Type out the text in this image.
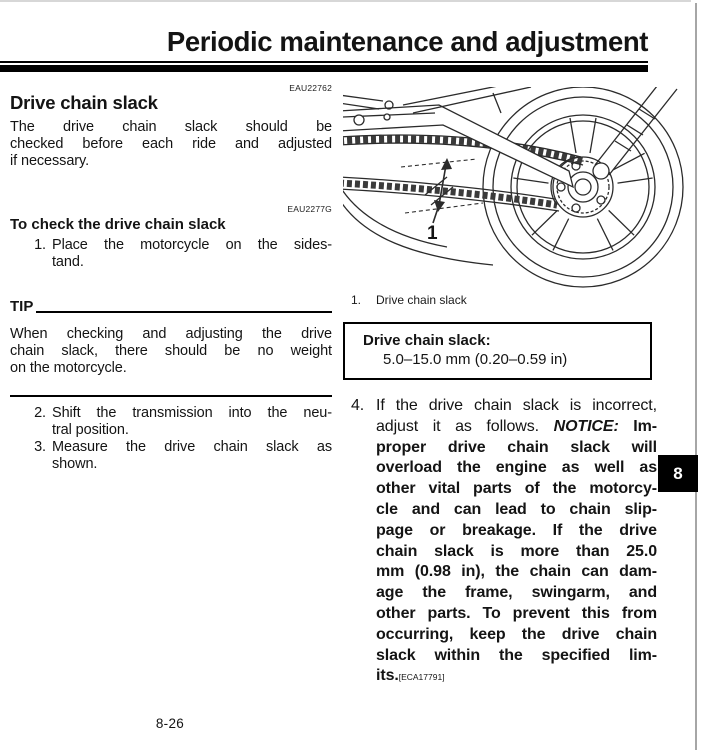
Periodic maintenance and adjustment
EAU22762
Drive chain slack
The drive chain slack should be
checked before each ride and adjusted
if necessary.
EAU2277G
To check the drive chain slack
1. Place the motorcycle on the sides-
tand.
TIP
When checking and adjusting the drive
chain slack, there should be no weight
on the motorcycle.
2. Shift the transmission into the neu-
tral position.
3. Measure the drive chain slack as
shown.
1
1. Drive chain slack
Drive chain slack:
5.0–15.0 mm (0.20–0.59 in)
4. If the drive chain slack is incorrect,
adjust it as follows. NOTICE: Im-
proper drive chain slack will
overload the engine as well as
other vital parts of the motorcy-
cle and can lead to chain slip-
page or breakage. If the drive
chain slack is more than 25.0
mm (0.98 in), the chain can dam-
age the frame, swingarm, and
other parts. To prevent this from
occurring, keep the drive chain
slack within the specified lim-
its.[ECA17791]
8
8-26
